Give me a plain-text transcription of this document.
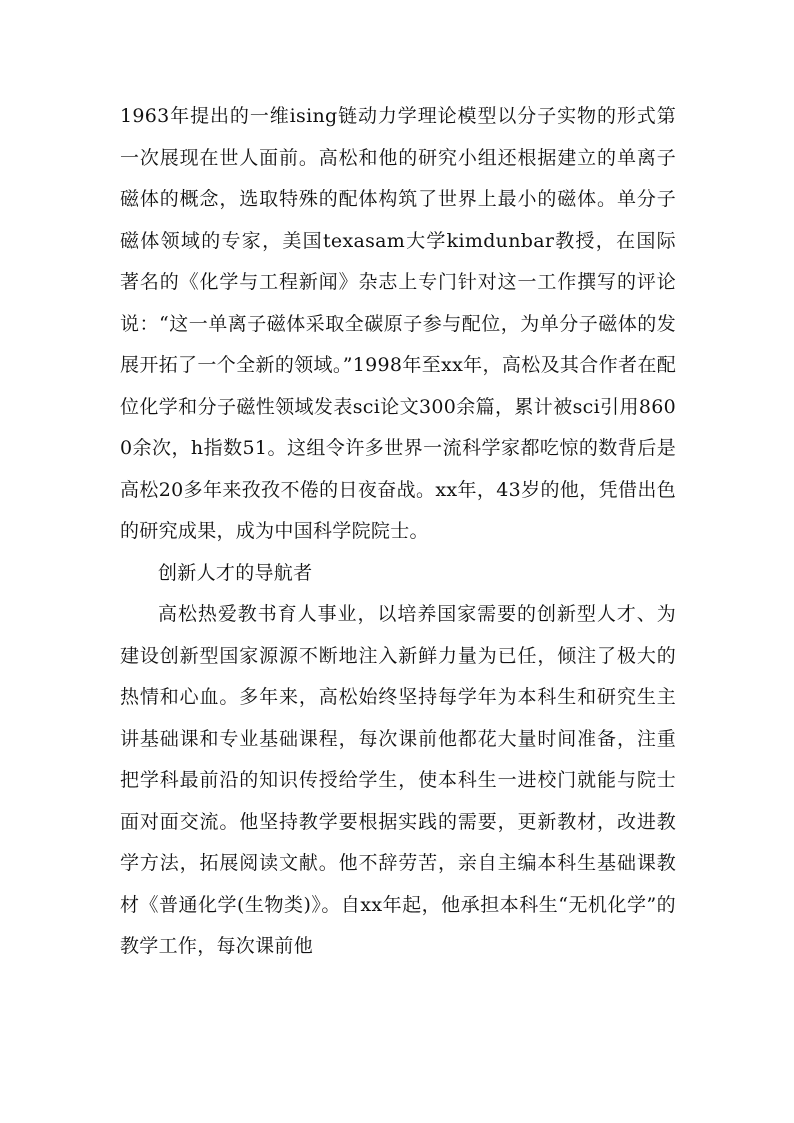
1963年提出的一维ising链动力学理论模型以分子实物的形式第一次展现在世人面前。高松和他的研究小组还根据建立的单离子磁体的概念，选取特殊的配体构筑了世界上最小的磁体。单分子磁体领域的专家，美国texasam大学kimdunbar教授，在国际著名的《化学与工程新闻》杂志上专门针对这一工作撰写的评论说：“这一单离子磁体采取全碳原子参与配位，为单分子磁体的发展开拓了一个全新的领域。”1998年至xx年，高松及其合作者在配位化学和分子磁性领域发表sci论文300余篇，累计被sci引用8600余次，h指数51。这组令许多世界一流科学家都吃惊的数背后是高松20多年来孜孜不倦的日夜奋战。xx年，43岁的他，凭借出色的研究成果，成为中国科学院院士。

创新人才的导航者

高松热爱教书育人事业，以培养国家需要的创新型人才、为建设创新型国家源源不断地注入新鲜力量为已任，倾注了极大的热情和心血。多年来，高松始终坚持每学年为本科生和研究生主讲基础课和专业基础课程，每次课前他都花大量时间准备，注重把学科最前沿的知识传授给学生，使本科生一进校门就能与院士面对面交流。他坚持教学要根据实践的需要，更新教材，改进教学方法，拓展阅读文献。他不辞劳苦，亲自主编本科生基础课教材《普通化学(生物类)》。自xx年起，他承担本科生“无机化学”的教学工作，每次课前他
